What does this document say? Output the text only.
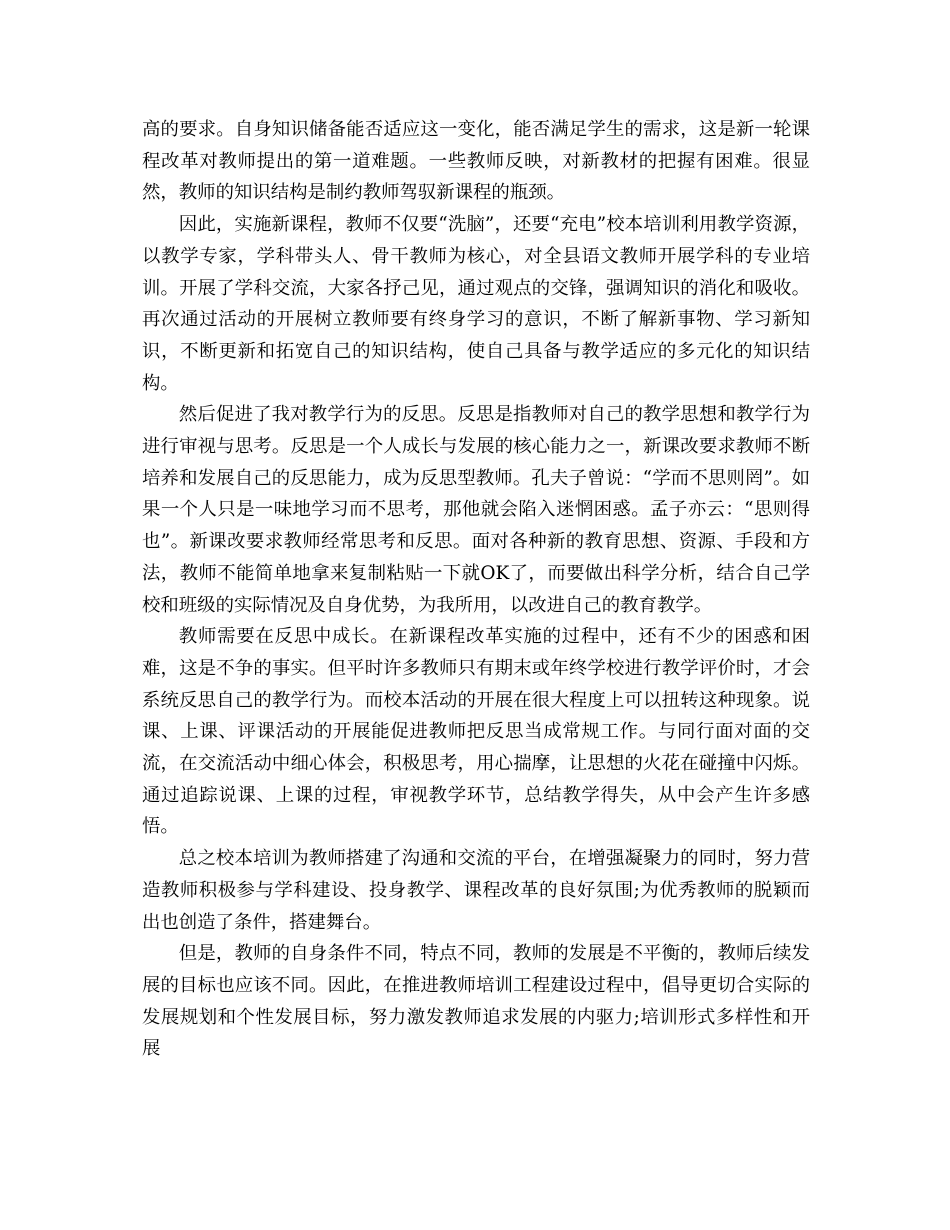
高的要求。自身知识储备能否适应这一变化，能否满足学生的需求，这是新一轮课程改革对教师提出的第一道难题。一些教师反映，对新教材的把握有困难。很显然，教师的知识结构是制约教师驾驭新课程的瓶颈。

因此，实施新课程，教师不仅要“洗脑”，还要“充电”校本培训利用教学资源，以教学专家，学科带头人、骨干教师为核心，对全县语文教师开展学科的专业培训。开展了学科交流，大家各抒己见，通过观点的交锋，强调知识的消化和吸收。再次通过活动的开展树立教师要有终身学习的意识，不断了解新事物、学习新知识，不断更新和拓宽自己的知识结构，使自己具备与教学适应的多元化的知识结构。

然后促进了我对教学行为的反思。反思是指教师对自己的教学思想和教学行为进行审视与思考。反思是一个人成长与发展的核心能力之一，新课改要求教师不断培养和发展自己的反思能力，成为反思型教师。孔夫子曾说：“学而不思则罔”。如果一个人只是一味地学习而不思考，那他就会陷入迷惘困惑。孟子亦云：“思则得也”。新课改要求教师经常思考和反思。面对各种新的教育思想、资源、手段和方法，教师不能简单地拿来复制粘贴一下就OK了，而要做出科学分析，结合自己学校和班级的实际情况及自身优势，为我所用，以改进自己的教育教学。

教师需要在反思中成长。在新课程改革实施的过程中，还有不少的困惑和困难，这是不争的事实。但平时许多教师只有期末或年终学校进行教学评价时，才会系统反思自己的教学行为。而校本活动的开展在很大程度上可以扭转这种现象。说课、上课、评课活动的开展能促进教师把反思当成常规工作。与同行面对面的交流，在交流活动中细心体会，积极思考，用心揣摩，让思想的火花在碰撞中闪烁。通过追踪说课、上课的过程，审视教学环节，总结教学得失，从中会产生许多感悟。

总之校本培训为教师搭建了沟通和交流的平台，在增强凝聚力的同时，努力营造教师积极参与学科建设、投身教学、课程改革的良好氛围;为优秀教师的脱颖而出也创造了条件，搭建舞台。

但是，教师的自身条件不同，特点不同，教师的发展是不平衡的，教师后续发展的目标也应该不同。因此，在推进教师培训工程建设过程中，倡导更切合实际的发展规划和个性发展目标，努力激发教师追求发展的内驱力;培训形式多样性和开展
